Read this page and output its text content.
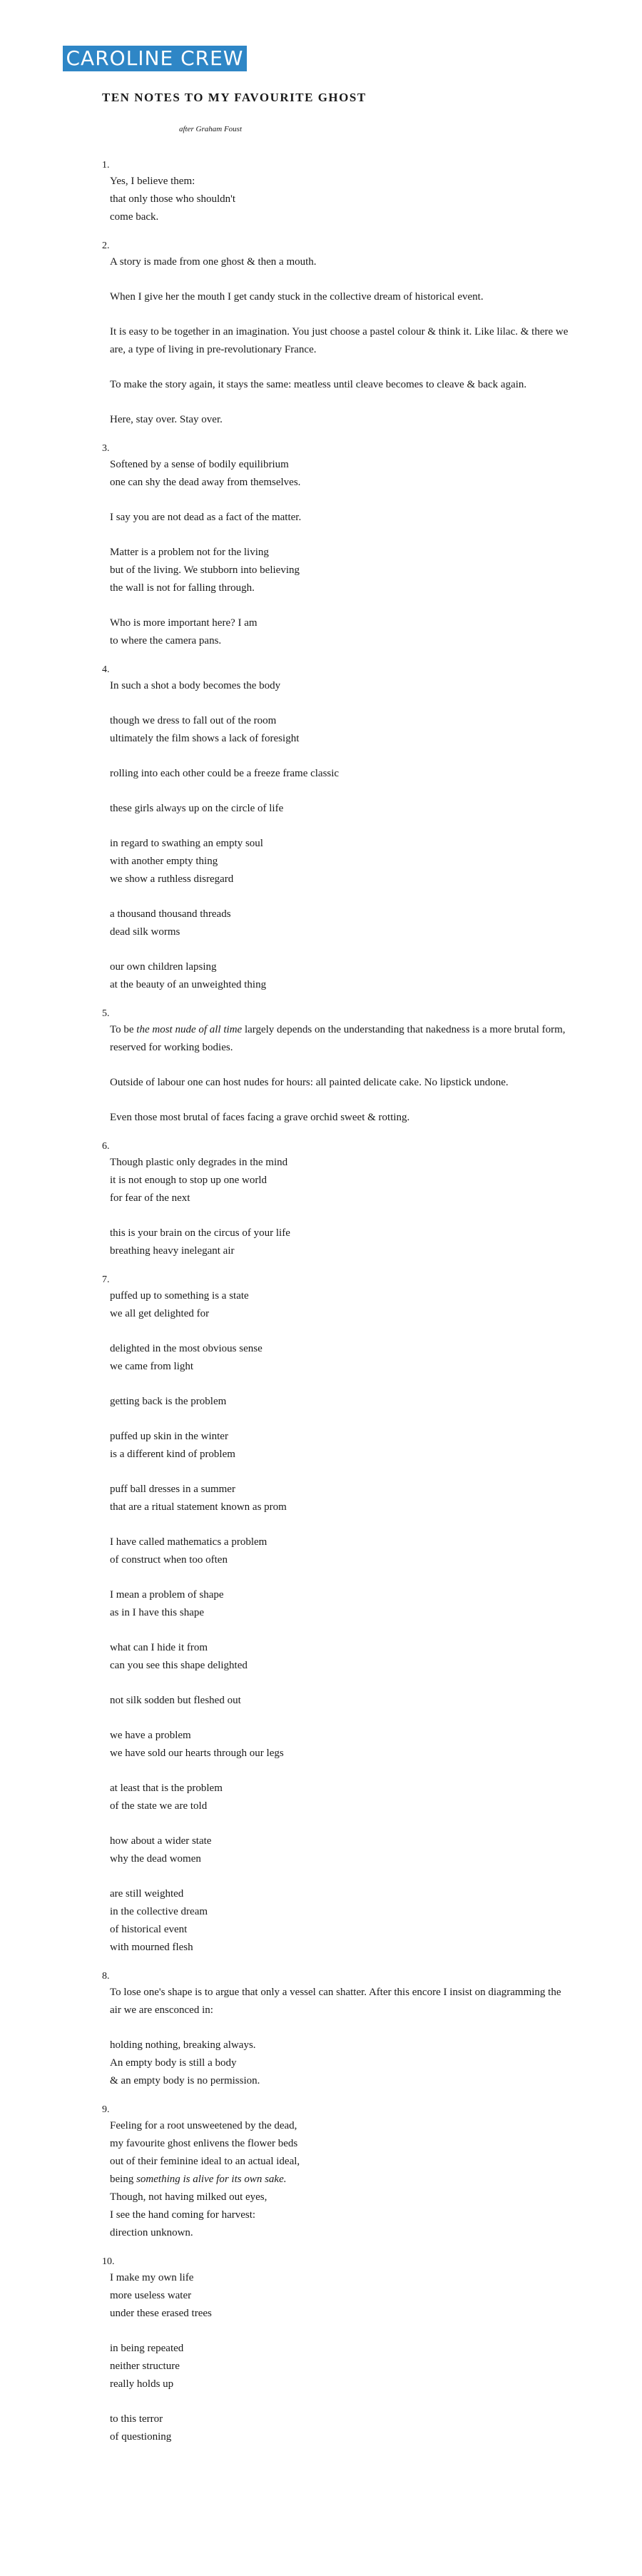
CAROLINE CREW
TEN NOTES TO MY FAVOURITE GHOST

after Graham Foust

1.
Yes, I believe them:
that only those who shouldn't
come back.
2.
A story is made from one ghost & then a mouth.
When I give her the mouth I get candy stuck in the collective dream of historical event.
It is easy to be together in an imagination. You just choose a pastel colour & think it. Like lilac. & there we are, a type of living in pre-revolutionary France.
To make the story again, it stays the same: meatless until cleave becomes to cleave & back again.
Here, stay over. Stay over.
3.
Softened by a sense of bodily equilibrium
one can shy the dead away from themselves.
I say you are not dead as a fact of the matter.
Matter is a problem not for the living
but of the living. We stubborn into believing
the wall is not for falling through.
Who is more important here? I am
to where the camera pans.
4.
In such a shot a body becomes the body
though we dress to fall out of the room
ultimately the film shows a lack of foresight
rolling into each other could be a freeze frame classic
these girls always up on the circle of life
in regard to swathing an empty soul
with another empty thing
we show a ruthless disregard
a thousand thousand threads
dead silk worms
our own children lapsing
at the beauty of an unweighted thing
5.
To be the most nude of all time largely depends on the understanding that nakedness is a more brutal form, reserved for working bodies.
Outside of labour one can host nudes for hours: all painted delicate cake. No lipstick undone.
Even those most brutal of faces facing a grave orchid sweet & rotting.
6.
Though plastic only degrades in the mind
it is not enough to stop up one world
for fear of the next
this is your brain on the circus of your life
breathing heavy inelegant air
7.
puffed up to something is a state
we all get delighted for
delighted in the most obvious sense
we came from light
getting back is the problem
puffed up skin in the winter
is a different kind of problem
puff ball dresses in a summer
that are a ritual statement known as prom
I have called mathematics a problem
of construct when too often
I mean a problem of shape
as in I have this shape
what can I hide it from
can you see this shape delighted
not silk sodden but fleshed out
we have a problem
we have sold our hearts through our legs
at least that is the problem
of the state we are told
how about a wider state
why the dead women
are still weighted
in the collective dream
of historical event
with mourned flesh
8.
To lose one's shape is to argue that only a vessel can shatter. After this encore I insist on diagramming the air we are ensconced in:
holding nothing, breaking always.
An empty body is still a body
& an empty body is no permission.
9.
Feeling for a root unsweetened by the dead,
my favourite ghost enlivens the flower beds
out of their feminine ideal to an actual ideal,
being something is alive for its own sake.
Though, not having milked out eyes,
I see the hand coming for harvest:
direction unknown.
10.
I make my own life
more useless water
under these erased trees
in being repeated
neither structure
really holds up
to this terror
of questioning
